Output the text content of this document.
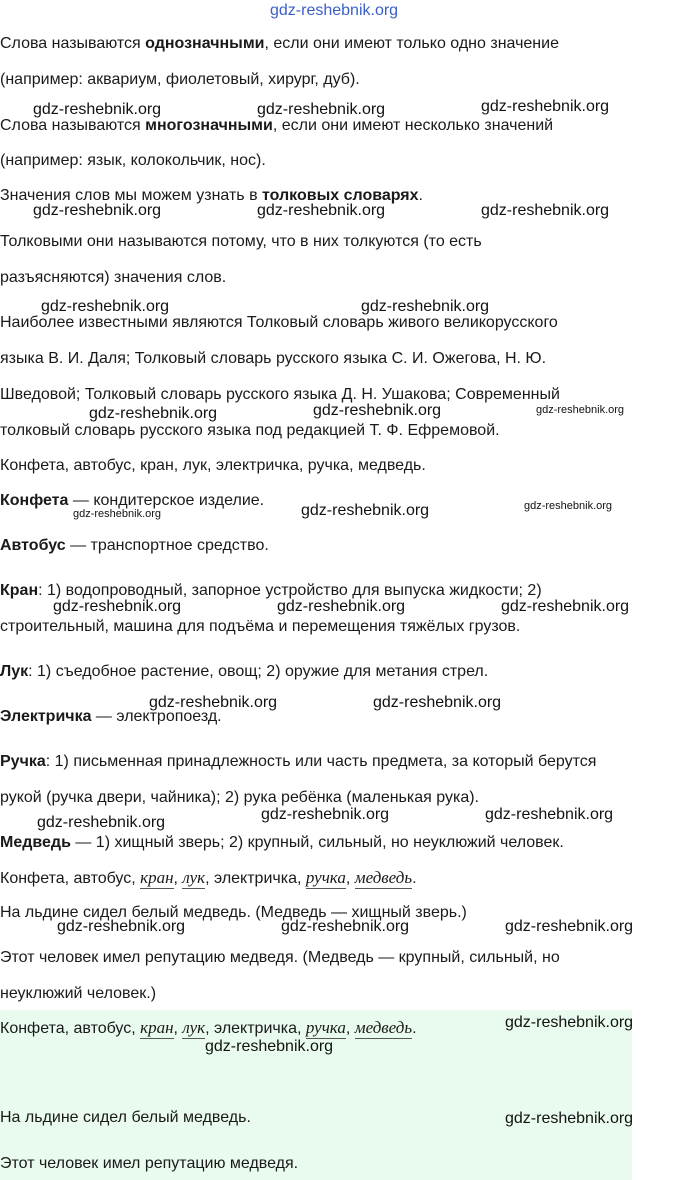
gdz-reshebnik.org
Слова называются однозначными, если они имеют только одно значение
(например: аквариум, фиолетовый, хирург, дуб).
Слова называются многозначными, если они имеют несколько значений
(например: язык, колокольчик, нос).
Значения слов мы можем узнать в толковых словарях.
Толковыми они называются потому, что в них толкуются (то есть
разъясняются) значения слов.
Наиболее известными являются Толковый словарь живого великорусского
языка В. И. Даля; Толковый словарь русского языка С. И. Ожегова, Н. Ю.
Шведовой; Толковый словарь русского языка Д. Н. Ушакова; Современный
толковый словарь русского языка под редакцией Т. Ф. Ефремовой.
Конфета, автобус, кран, лук, электричка, ручка, медведь.
Конфета — кондитерское изделие.
Автобус — транспортное средство.
Кран: 1) водопроводный, запорное устройство для выпуска жидкости; 2)
строительный, машина для подъёма и перемещения тяжёлых грузов.
Лук: 1) съедобное растение, овощ; 2) оружие для метания стрел.
Электричка — электропоезд.
Ручка: 1) письменная принадлежность или часть предмета, за который берутся
рукой (ручка двери, чайника); 2) рука ребёнка (маленькая рука).
Медведь — 1) хищный зверь; 2) крупный, сильный, но неуклюжий человек.
Конфета, автобус, кран, лук, электричка, ручка, медведь.
На льдине сидел белый медведь. (Медведь — хищный зверь.)
Этот человек имел репутацию медведя. (Медведь — крупный, сильный, но
неуклюжий человек.)
Конфета, автобус, кран, лук, электричка, ручка, медведь.
На льдине сидел белый медведь.
Этот человек имел репутацию медведя.
gdz-reshebnik.org	gdz-reshebnik.org	gdz-reshebnik.org
gdz-reshebnik.org	gdz-reshebnik.org	gdz-reshebnik.org
gdz-reshebnik.org	gdz-reshebnik.org
gdz-reshebnik.org	gdz-reshebnik.org	gdz-reshebnik.org
gdz-reshebnik.org	gdz-reshebnik.org	gdz-reshebnik.org
gdz-reshebnik.org	gdz-reshebnik.org	gdz-reshebnik.org
gdz-reshebnik.org	gdz-reshebnik.org
gdz-reshebnik.org	gdz-reshebnik.org	gdz-reshebnik.org
gdz-reshebnik.org	gdz-reshebnik.org	gdz-reshebnik.org
gdz-reshebnik.org
gdz-reshebnik.org
gdz-reshebnik.org
